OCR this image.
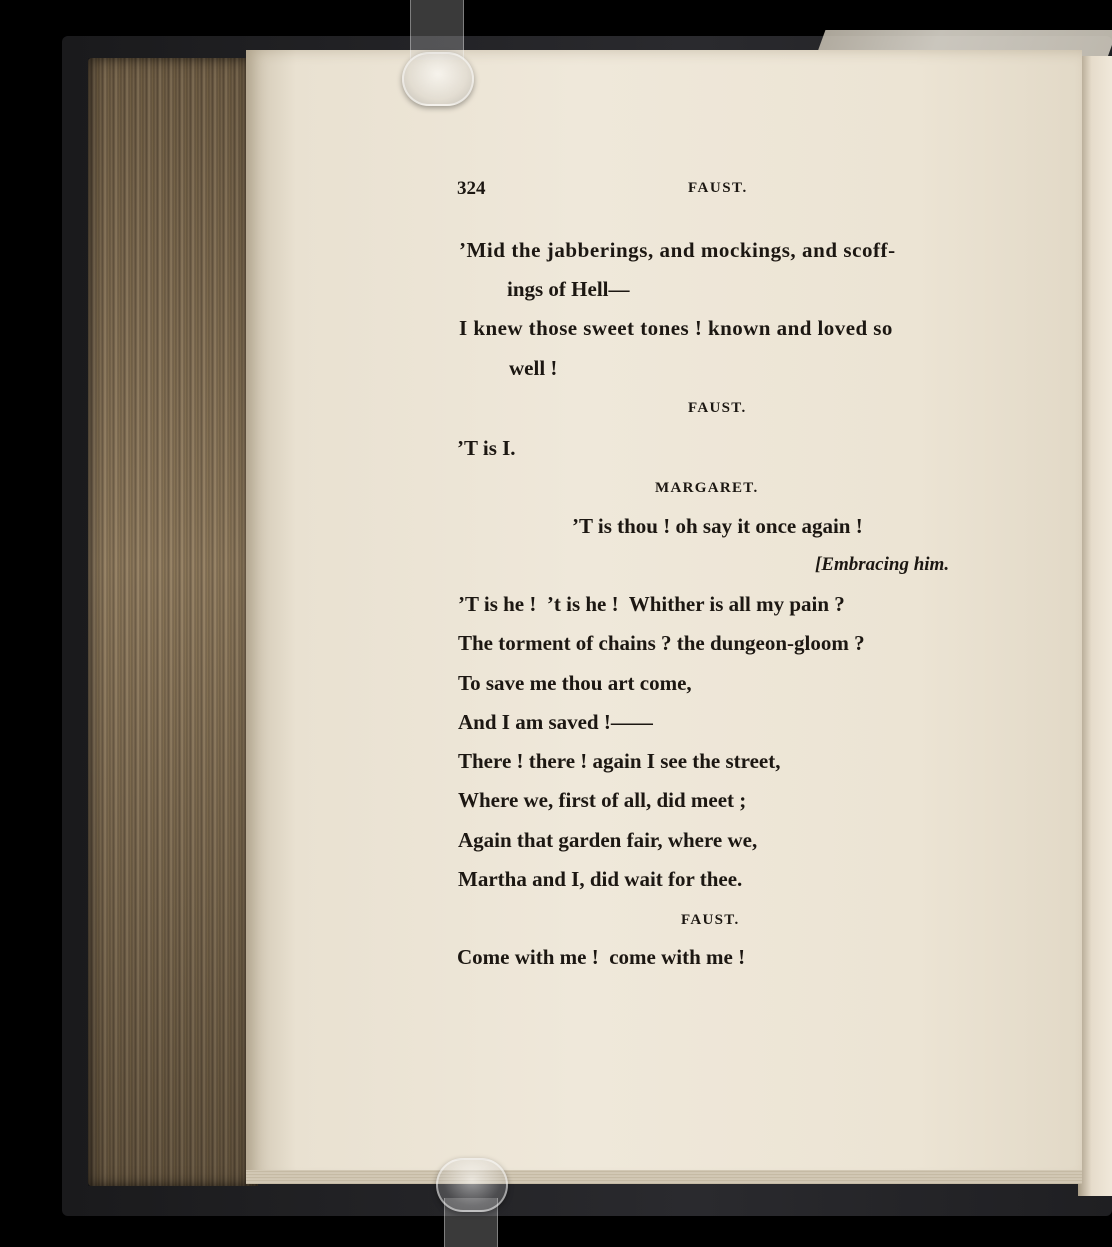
324	FAUST.
’Mid the jabberings, and mockings, and scoff-
ings of Hell—
I knew those sweet tones ! known and loved so
well !
FAUST.
’T is I.
MARGARET.
’T is thou ! oh say it once again !
[Embracing him.
’T is he !  ’t is he !  Whither is all my pain ?
The torment of chains ? the dungeon-gloom ?
To save me thou art come,
And I am saved !——
There ! there ! again I see the street,
Where we, first of all, did meet ;
Again that garden fair, where we,
Martha and I, did wait for thee.
FAUST.
Come with me !  come with me !
